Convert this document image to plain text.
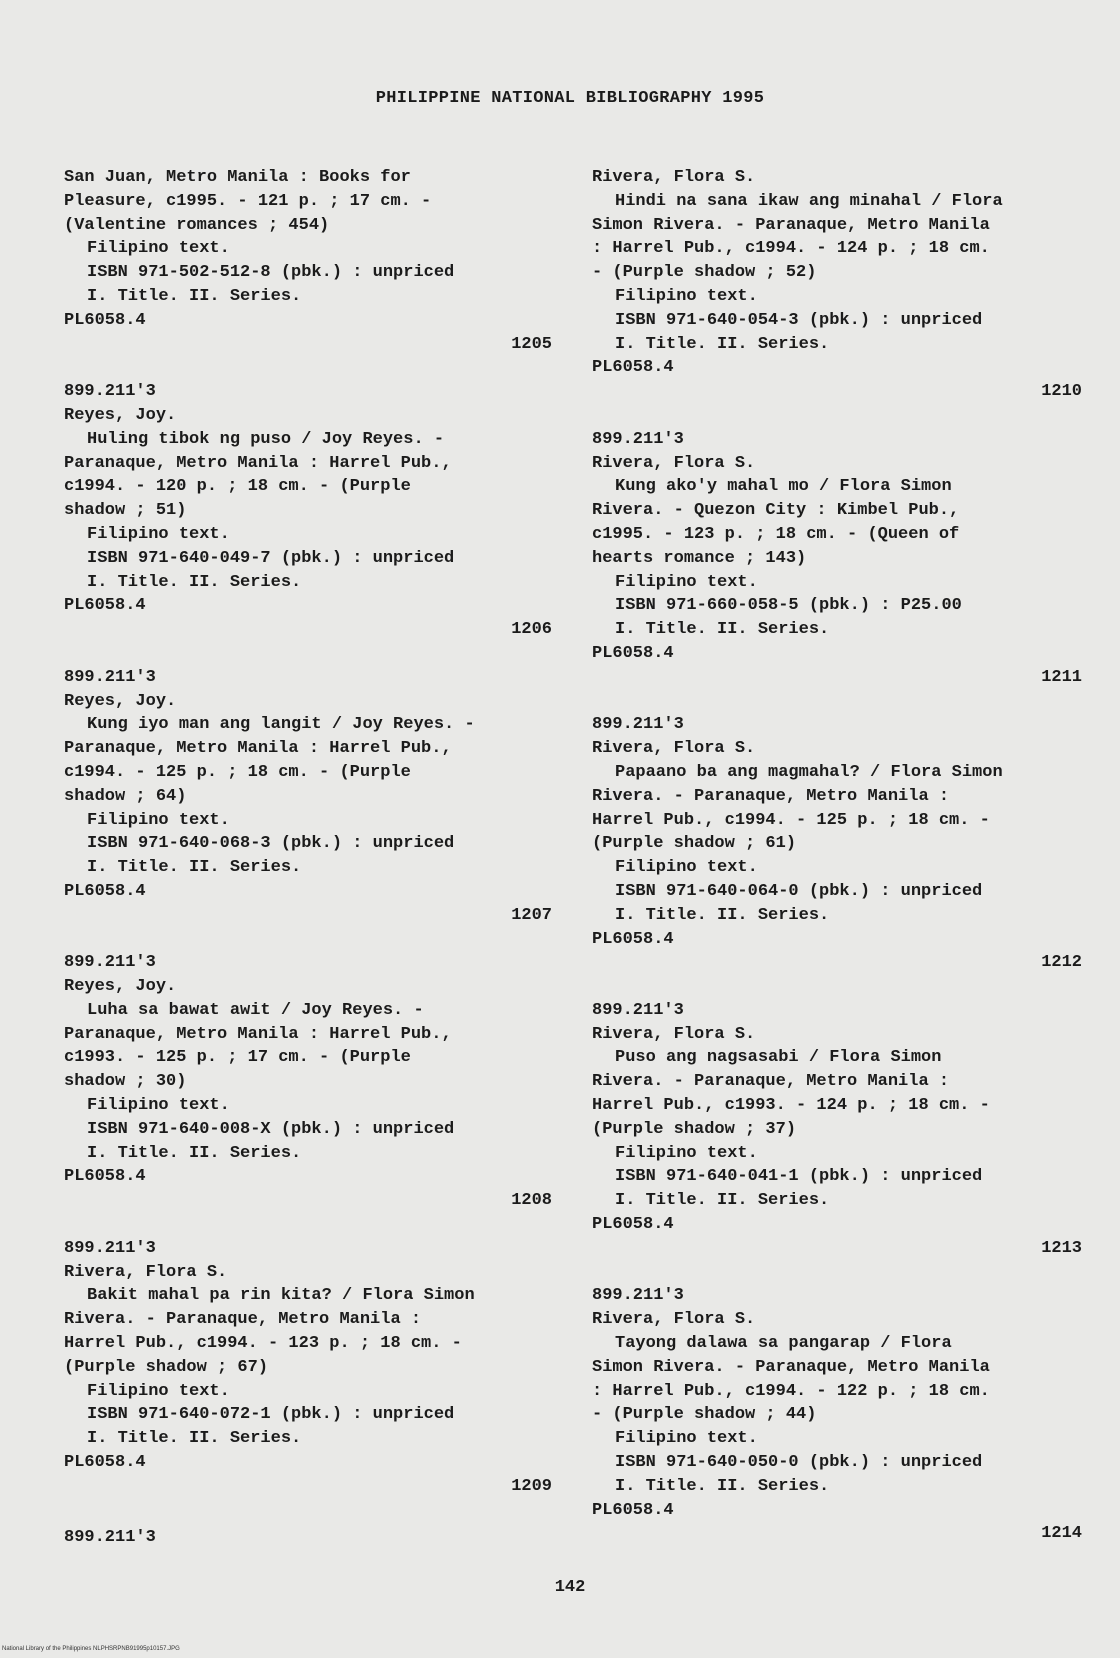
PHILIPPINE NATIONAL BIBLIOGRAPHY 1995
San Juan, Metro Manila : Books for
Pleasure, c1995. - 121 p. ; 17 cm. -
(Valentine romances ; 454)
Filipino text.
ISBN 971-502-512-8 (pbk.) : unpriced
I. Title. II. Series.
PL6058.4
1205
899.211'3
Reyes, Joy.
Huling tibok ng puso / Joy Reyes. -
Paranaque, Metro Manila : Harrel Pub.,
c1994. - 120 p. ; 18 cm. - (Purple
shadow ; 51)
Filipino text.
ISBN 971-640-049-7 (pbk.) : unpriced
I. Title. II. Series.
PL6058.4
1206
899.211'3
Reyes, Joy.
Kung iyo man ang langit / Joy Reyes. -
Paranaque, Metro Manila : Harrel Pub.,
c1994. - 125 p. ; 18 cm. - (Purple
shadow ; 64)
Filipino text.
ISBN 971-640-068-3 (pbk.) : unpriced
I. Title. II. Series.
PL6058.4
1207
899.211'3
Reyes, Joy.
Luha sa bawat awit / Joy Reyes. -
Paranaque, Metro Manila : Harrel Pub.,
c1993. - 125 p. ; 17 cm. - (Purple
shadow ; 30)
Filipino text.
ISBN 971-640-008-X (pbk.) : unpriced
I. Title. II. Series.
PL6058.4
1208
899.211'3
Rivera, Flora S.
Bakit mahal pa rin kita? / Flora Simon
Rivera. - Paranaque, Metro Manila :
Harrel Pub., c1994. - 123 p. ; 18 cm. -
(Purple shadow ; 67)
Filipino text.
ISBN 971-640-072-1 (pbk.) : unpriced
I. Title. II. Series.
PL6058.4
1209
899.211'3
Rivera, Flora S.
Hindi na sana ikaw ang minahal / Flora
Simon Rivera. - Paranaque, Metro Manila
: Harrel Pub., c1994. - 124 p. ; 18 cm.
- (Purple shadow ; 52)
Filipino text.
ISBN 971-640-054-3 (pbk.) : unpriced
I. Title. II. Series.
PL6058.4
1210
899.211'3
Rivera, Flora S.
Kung ako'y mahal mo / Flora Simon
Rivera. - Quezon City : Kimbel Pub.,
c1995. - 123 p. ; 18 cm. - (Queen of
hearts romance ; 143)
Filipino text.
ISBN 971-660-058-5 (pbk.) : P25.00
I. Title. II. Series.
PL6058.4
1211
899.211'3
Rivera, Flora S.
Papaano ba ang magmahal? / Flora Simon
Rivera. - Paranaque, Metro Manila :
Harrel Pub., c1994. - 125 p. ; 18 cm. -
(Purple shadow ; 61)
Filipino text.
ISBN 971-640-064-0 (pbk.) : unpriced
I. Title. II. Series.
PL6058.4
1212
899.211'3
Rivera, Flora S.
Puso ang nagsasabi / Flora Simon
Rivera. - Paranaque, Metro Manila :
Harrel Pub., c1993. - 124 p. ; 18 cm. -
(Purple shadow ; 37)
Filipino text.
ISBN 971-640-041-1 (pbk.) : unpriced
I. Title. II. Series.
PL6058.4
1213
899.211'3
Rivera, Flora S.
Tayong dalawa sa pangarap / Flora
Simon Rivera. - Paranaque, Metro Manila
: Harrel Pub., c1994. - 122 p. ; 18 cm.
- (Purple shadow ; 44)
Filipino text.
ISBN 971-640-050-0 (pbk.) : unpriced
I. Title. II. Series.
PL6058.4
1214
142
National Library of the Philippines NLPHSRPNB91995p10157.JPG
